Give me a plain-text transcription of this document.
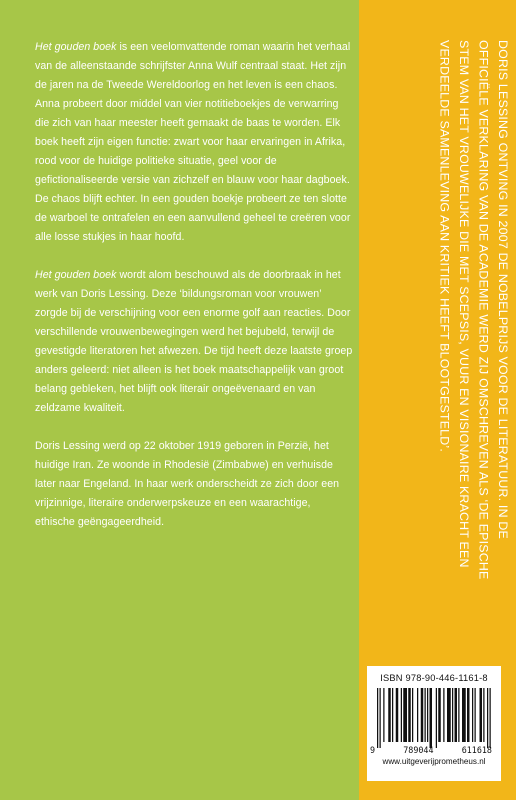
Het gouden boek is een veelomvattende roman waarin het verhaal van de alleenstaande schrijfster Anna Wulf centraal staat. Het zijn de jaren na de Tweede Wereldoorlog en het leven is een chaos. Anna probeert door middel van vier notitieboekjes de verwarring die zich van haar meester heeft gemaakt de baas te worden. Elk boek heeft zijn eigen functie: zwart voor haar ervaringen in Afrika, rood voor de huidige politieke situatie, geel voor de gefictionaliseerde versie van zichzelf en blauw voor haar dagboek. De chaos blijft echter. In een gouden boekje probeert ze ten slotte de warboel te ontrafelen en een aanvullend geheel te creëren voor alle losse stukjes in haar hoofd.

Het gouden boek wordt alom beschouwd als de doorbraak in het werk van Doris Lessing. Deze ‘bildungsroman voor vrouwen’ zorgde bij de verschijning voor een enorme golf aan reacties. Door verschillende vrouwenbewegingen werd het bejubeld, terwijl de gevestigde literatoren het afwezen. De tijd heeft deze laatste groep anders geleerd: niet alleen is het boek maatschappelijk van groot belang gebleken, het blijft ook literair ongeëvenaard en van zeldzame kwaliteit.

Doris Lessing werd op 22 oktober 1919 geboren in Perzië, het huidige Iran. Ze woonde in Rhodesië (Zimbabwe) en verhuisde later naar Engeland. In haar werk onderscheidt ze zich door een vrijzinnige, literaire onderwerpskeuze en een waarachtige, ethische geëngageerdheid.	DORIS LESSING ONTVING IN 2007 DE NOBELPRIJS VOOR DE LITERATUUR. IN DE OFFICIËLE VERKLARING VAN DE ACADEMIE WERD ZIJ OMSCHREVEN ALS ‘DE EPISCHE STEM VAN HET VROUWELIJKE DIE MET SCEPSIS, VUUR EN VISIONAIRE KRACHT EEN VERDEELDE SAMENLEVING AAN KRITIEK HEEFT BLOOTGESTELD’.
ISBN 978-90-446-1161-8
9	789044	611618
www.uitgeverijprometheus.nl
